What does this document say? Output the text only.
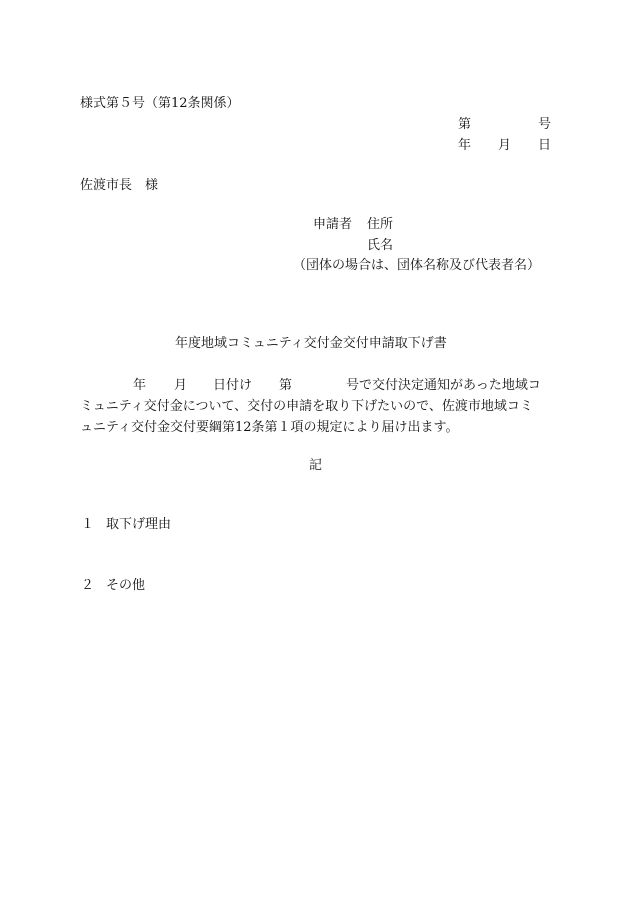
様式第５号（第12条関係）

第	号
年 月 日

佐渡市長　様

申請者 住所

氏名

（団体の場合は、団体名称及び代表者名）

年度地域コミュニティ交付金交付申請取下げ書
年 月 日付け 第	号で交付決定通知があった地域コ
ミュニティ交付金について、交付の申請を取り下げたいので、佐渡市地域コミ
ュニティ交付金交付要綱第12条第１項の規定により届け出ます。

記

１ 取下げ理由

２ その他
